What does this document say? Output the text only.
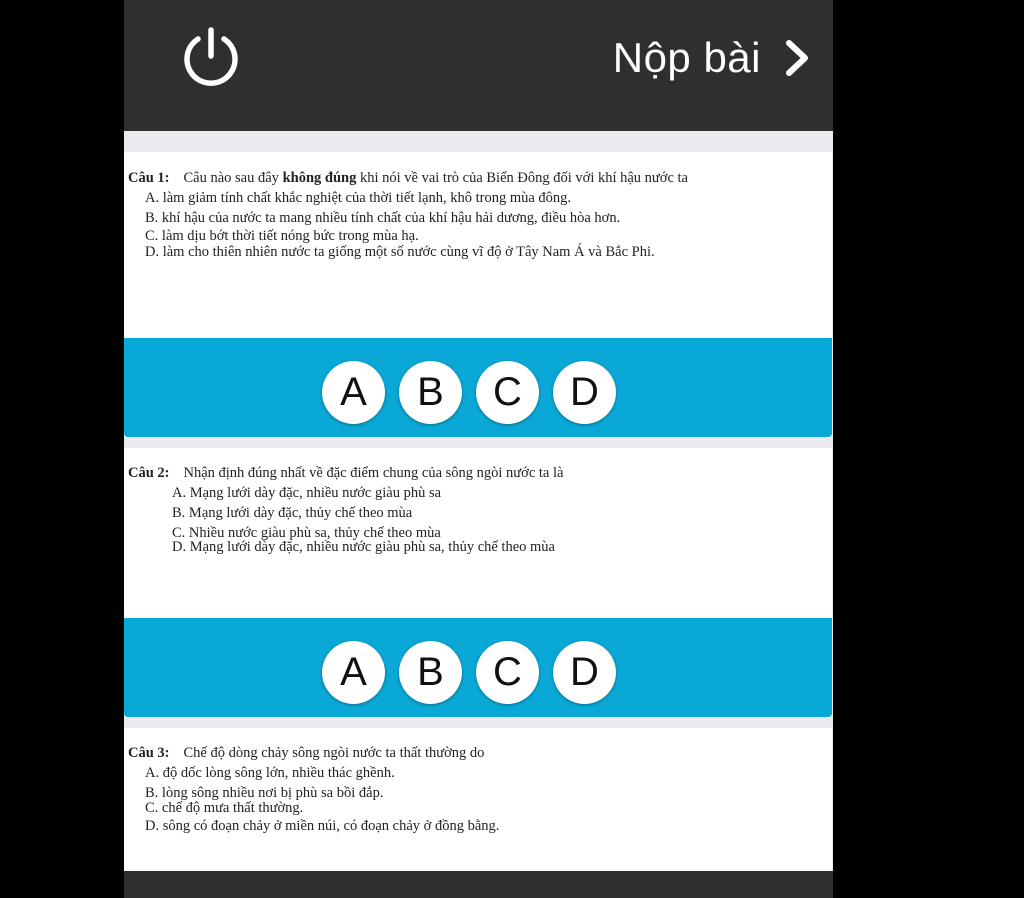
Nộp bài
Câu 1: Câu nào sau đây không đúng khi nói về vai trò của Biển Đông đối với khí hậu nước ta
A. làm giảm tính chất khắc nghiệt của thời tiết lạnh, khô trong mùa đông.
B. khí hậu của nước ta mang nhiều tính chất của khí hậu hải dương, điều hòa hơn.
C. làm dịu bớt thời tiết nóng bức trong mùa hạ.
D. làm cho thiên nhiên nước ta giống một số nước cùng vĩ độ ở Tây Nam Á và Bắc Phi.
A	B	C	D
Câu 2: Nhận định đúng nhất về đặc điểm chung của sông ngòi nước ta là
A. Mạng lưới dày đặc, nhiều nước giàu phù sa
B. Mạng lưới dày đặc, thủy chế theo mùa
C. Nhiều nước giàu phù sa, thủy chế theo mùa
D. Mạng lưới dày đặc, nhiều nước giàu phù sa, thủy chế theo mùa
A	B	C	D
Câu 3: Chế độ dòng chảy sông ngòi nước ta thất thường do
A. độ dốc lòng sông lớn, nhiều thác ghềnh.
B. lòng sông nhiều nơi bị phù sa bồi đắp.
C. chế độ mưa thất thường.
D. sông có đoạn chảy ở miền núi, có đoạn chảy ở đồng bằng.
